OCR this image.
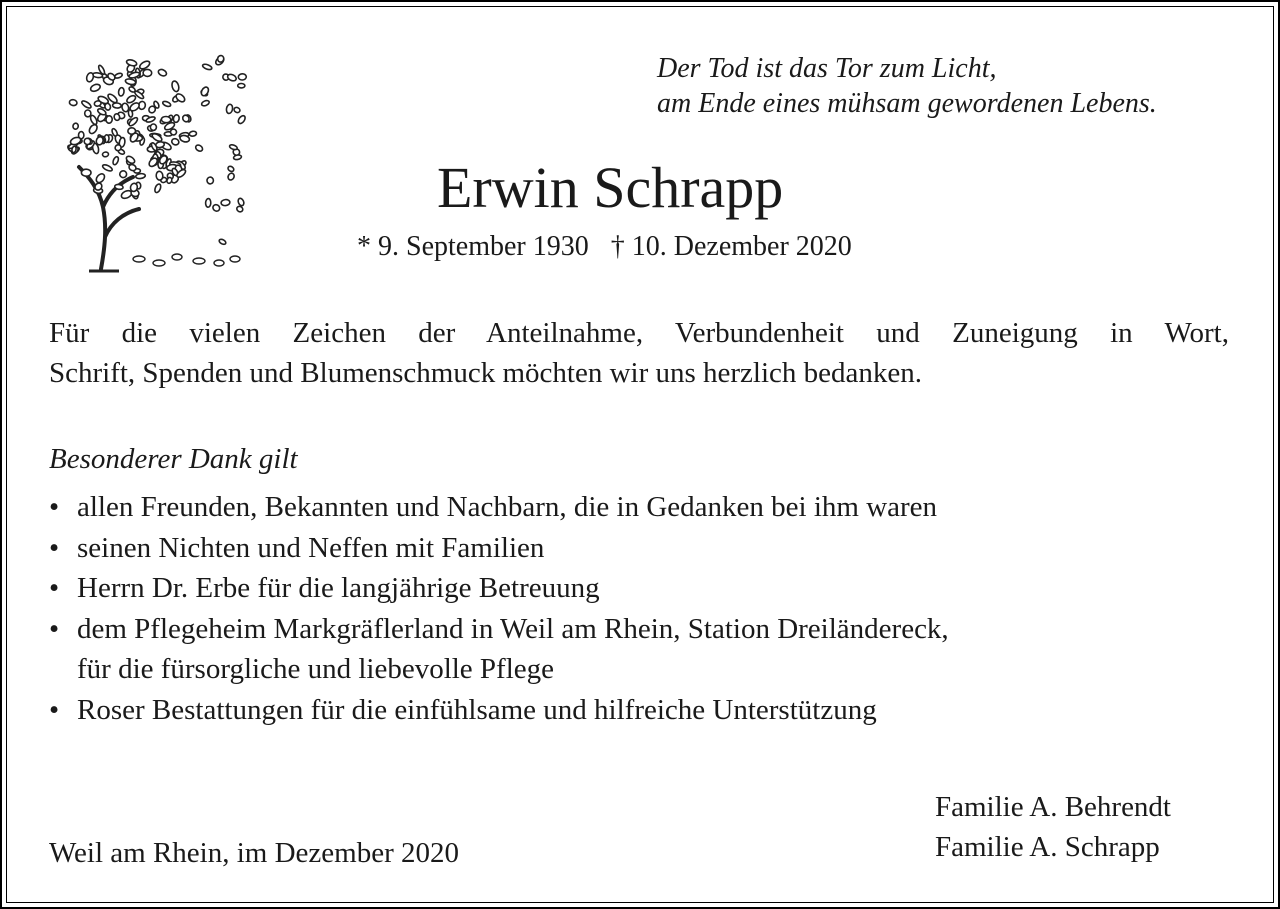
Der Tod ist das Tor zum Licht,
am Ende eines mühsam gewordenen Lebens.
Erwin Schrapp
* 9. September 1930 † 10. Dezember 2020
Für die vielen Zeichen der Anteilnahme, Verbundenheit und Zuneigung in Wort,
Schrift, Spenden und Blumenschmuck möchten wir uns herzlich bedanken.
Besonderer Dank gilt
• allen Freunden, Bekannten und Nachbarn, die in Gedanken bei ihm waren
• seinen Nichten und Neffen mit Familien
• Herrn Dr. Erbe für die langjährige Betreuung
• dem Pflegeheim Markgräflerland in Weil am Rhein, Station Dreiländereck,
für die fürsorgliche und liebevolle Pflege
• Roser Bestattungen für die einfühlsame und hilfreiche Unterstützung
Weil am Rhein, im Dezember 2020
Familie A. Behrendt
Familie A. Schrapp
